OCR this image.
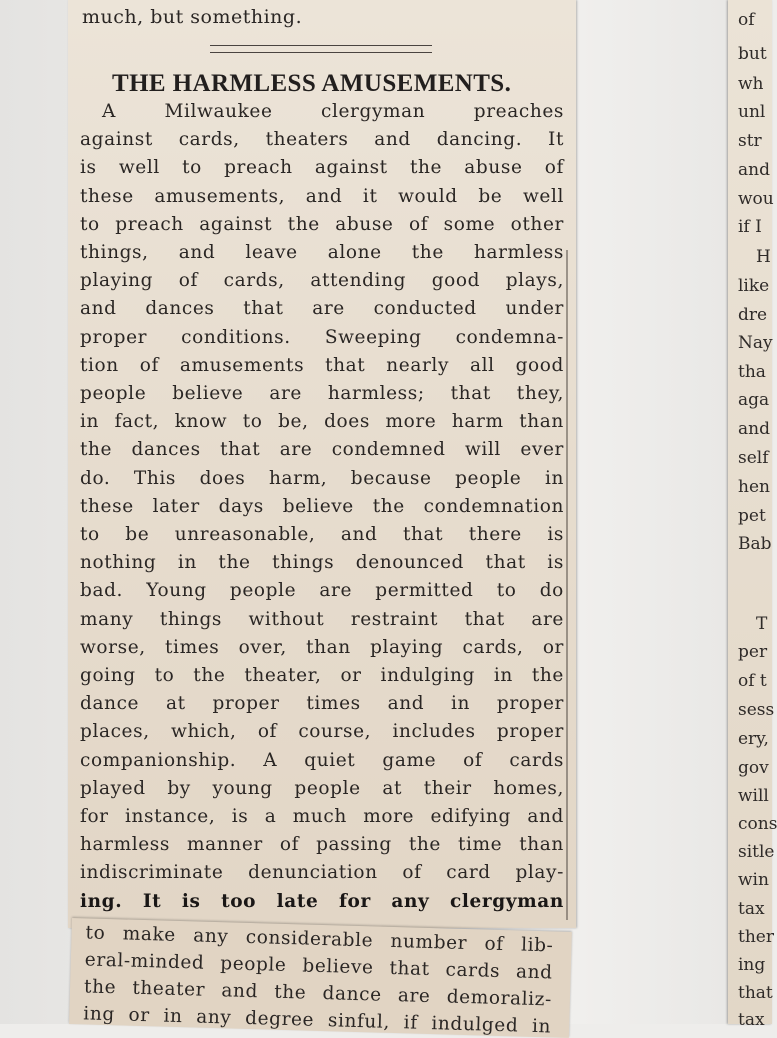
of
but
wh
unl
str
and
wou
if I
H
like
dre
Nay
tha
aga
and
self
hen
pet
Bab
T
per
of t
sess
ery,
gov
will
cons
sitle
win
tax
ther
ing
that
tax
much, but something.
THE HARMLESS AMUSEMENTS.
A	Milwaukee	clergyman	preaches
against cards, theaters and dancing. It
is well to preach against the abuse of
these amusements, and it would be well
to preach against the abuse of some other
things, and leave alone the harmless
playing of cards, attending good plays,
and dances that are conducted under
proper conditions. Sweeping condemna-
tion of amusements that nearly all good
people believe are harmless; that they,
in fact, know to be, does more harm than
the dances that are condemned will ever
do. This does harm, because people in
these later days believe the condemnation
to be unreasonable, and that there is
nothing in the things denounced that is
bad. Young people are permitted to do
many things without restraint that are
worse, times over, than playing cards, or
going to the theater, or indulging in the
dance at proper times and in proper
places, which, of course, includes proper
companionship. A quiet game of cards
played by young people at their homes,
for instance, is a much more edifying and
harmless manner of passing the time than
indiscriminate denunciation of card play-
ing. It is too late for any clergyman
to make any considerable number of lib-
eral-minded people believe that cards and
the theater and the dance are demoraliz-
ing or in any degree sinful, if indulged in
